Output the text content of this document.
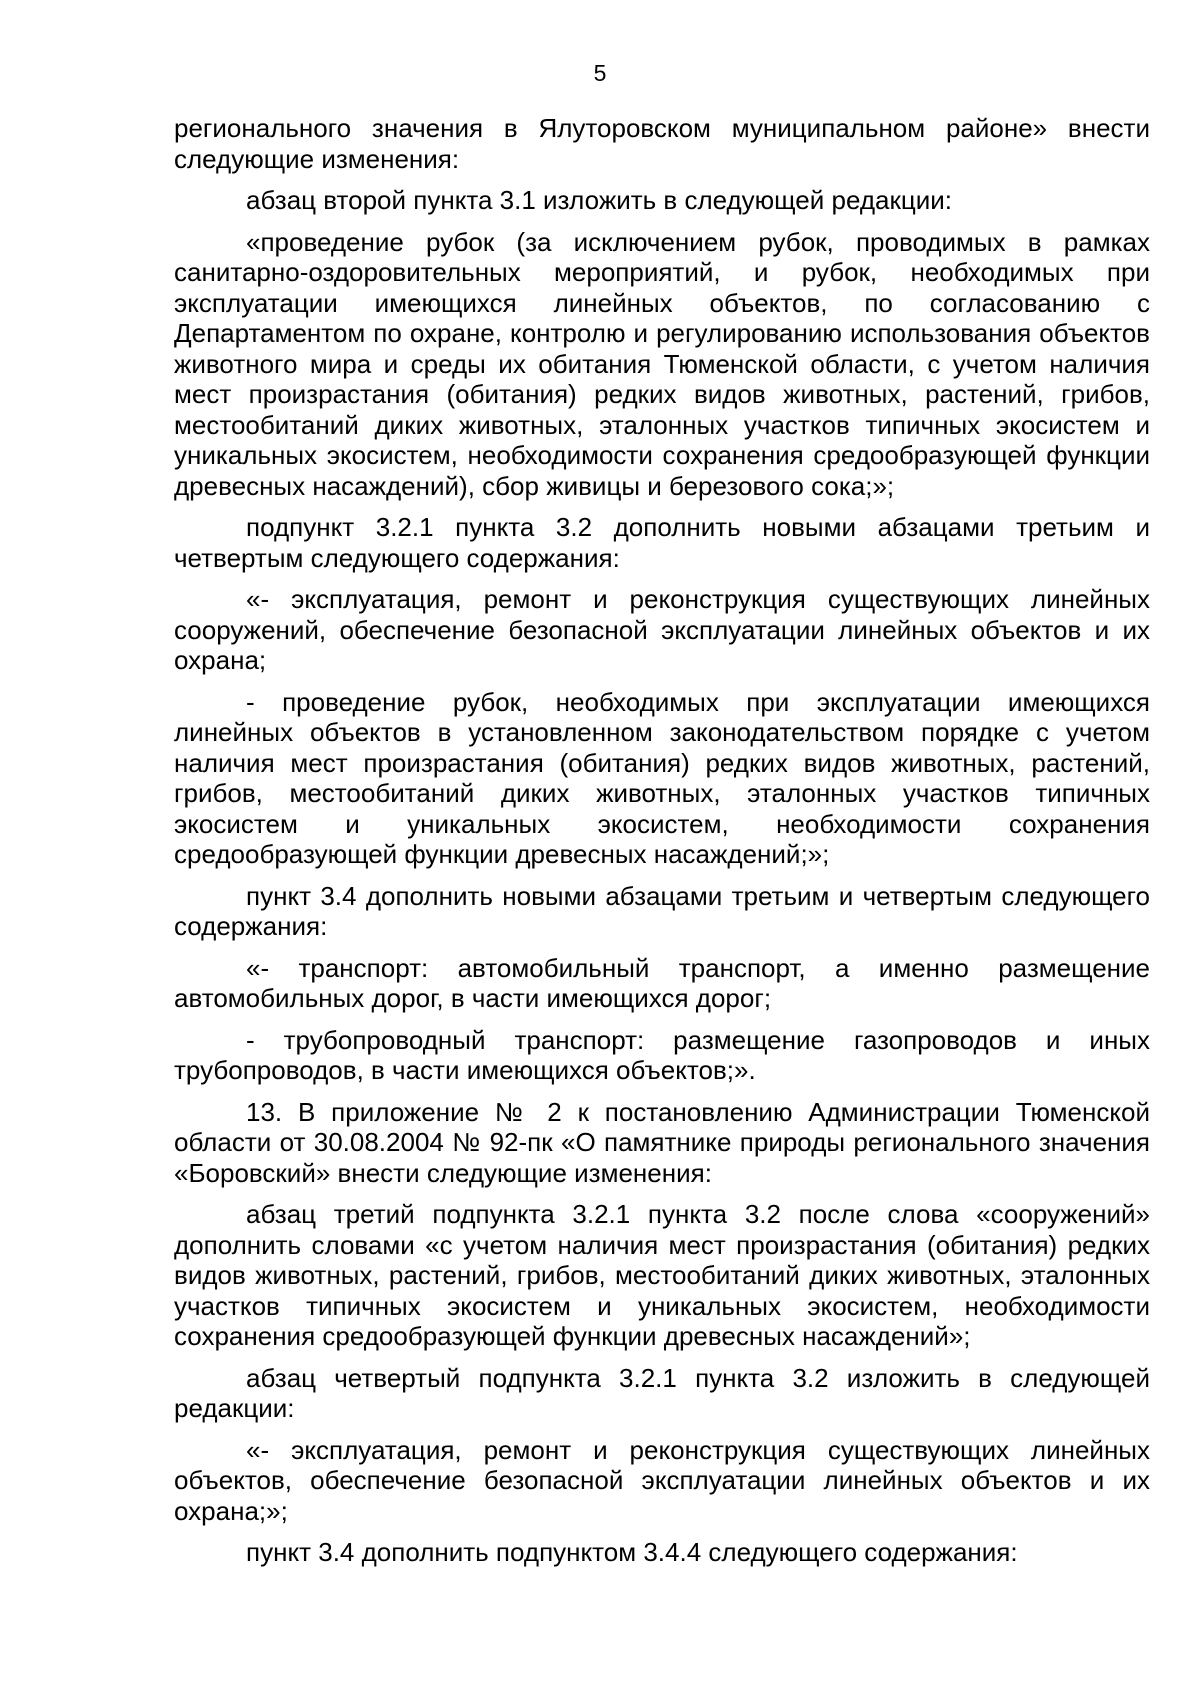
5

регионального значения в Ялуторовском муниципальном районе» внести следующие изменения:

абзац второй пункта 3.1 изложить в следующей редакции:

«проведение рубок (за исключением рубок, проводимых в рамках санитарно-оздоровительных мероприятий, и рубок, необходимых при эксплуатации имеющихся линейных объектов, по согласованию с Департаментом по охране, контролю и регулированию использования объектов животного мира и среды их обитания Тюменской области, с учетом наличия мест произрастания (обитания) редких видов животных, растений, грибов, местообитаний диких животных, эталонных участков типичных экосистем и уникальных экосистем, необходимости сохранения средообразующей функции древесных насаждений), сбор живицы и березового сока;»;

подпункт 3.2.1 пункта 3.2 дополнить новыми абзацами третьим и четвертым следующего содержания:

«- эксплуатация, ремонт и реконструкция существующих линейных сооружений, обеспечение безопасной эксплуатации линейных объектов и их охрана;

- проведение рубок, необходимых при эксплуатации имеющихся линейных объектов в установленном законодательством порядке с учетом наличия мест произрастания (обитания) редких видов животных, растений, грибов, местообитаний диких животных, эталонных участков типичных экосистем и уникальных экосистем, необходимости сохранения средообразующей функции древесных насаждений;»;

пункт 3.4 дополнить новыми абзацами третьим и четвертым следующего содержания:

«- транспорт: автомобильный транспорт, а именно размещение автомобильных дорог, в части имеющихся дорог;

- трубопроводный транспорт: размещение газопроводов и иных трубопроводов, в части имеющихся объектов;».

13. В приложение № 2 к постановлению Администрации Тюменской области от 30.08.2004 № 92-пк «О памятнике природы регионального значения «Боровский» внести следующие изменения:

абзац третий подпункта 3.2.1 пункта 3.2 после слова «сооружений» дополнить словами «с учетом наличия мест произрастания (обитания) редких видов животных, растений, грибов, местообитаний диких животных, эталонных участков типичных экосистем и уникальных экосистем, необходимости сохранения средообразующей функции древесных насаждений»;

абзац четвертый подпункта 3.2.1 пункта 3.2 изложить в следующей редакции:

«- эксплуатация, ремонт и реконструкция существующих линейных объектов, обеспечение безопасной эксплуатации линейных объектов и их охрана;»;

пункт 3.4 дополнить подпунктом 3.4.4 следующего содержания:
